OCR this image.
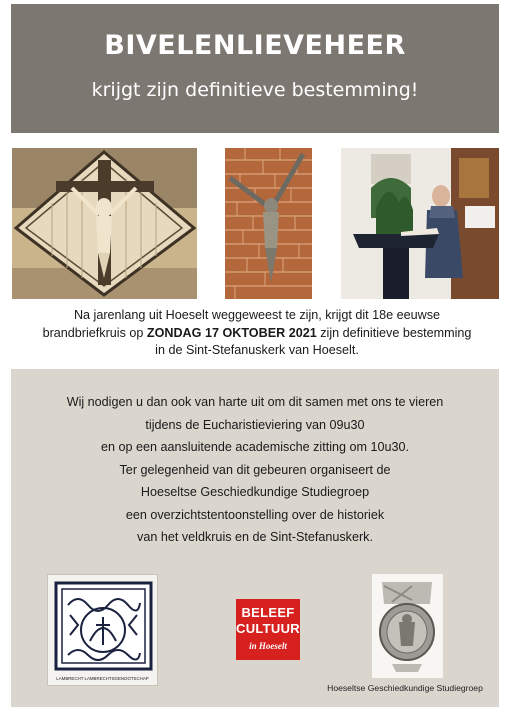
BIVELENLIEVEHEER
krijgt zijn definitieve bestemming!
Na jarenlang uit Hoeselt weggeweest te zijn, krijgt dit 18e eeuwse
brandbriefkruis op ZONDAG 17 OKTOBER 2021 zijn definitieve bestemming
in de Sint-Stefanuskerk van Hoeselt.
Wij nodigen u dan ook van harte uit om dit samen met ons te vieren
tijdens de Eucharistieviering van 09u30
en op een aansluitende academische zitting om 10u30.
Ter gelegenheid van dit gebeuren organiseert de
Hoeseltse Geschiedkundige Studiegroep
een overzichtstentoonstelling over de historiek
van het veldkruis en de Sint-Stefanuskerk.
LAMBRECHT LAMBRECHTSGENOOTSCHAP
BELEEF
CULTUUR
in Hoeselt
Hoeseltse Geschiedkundige Studiegroep
